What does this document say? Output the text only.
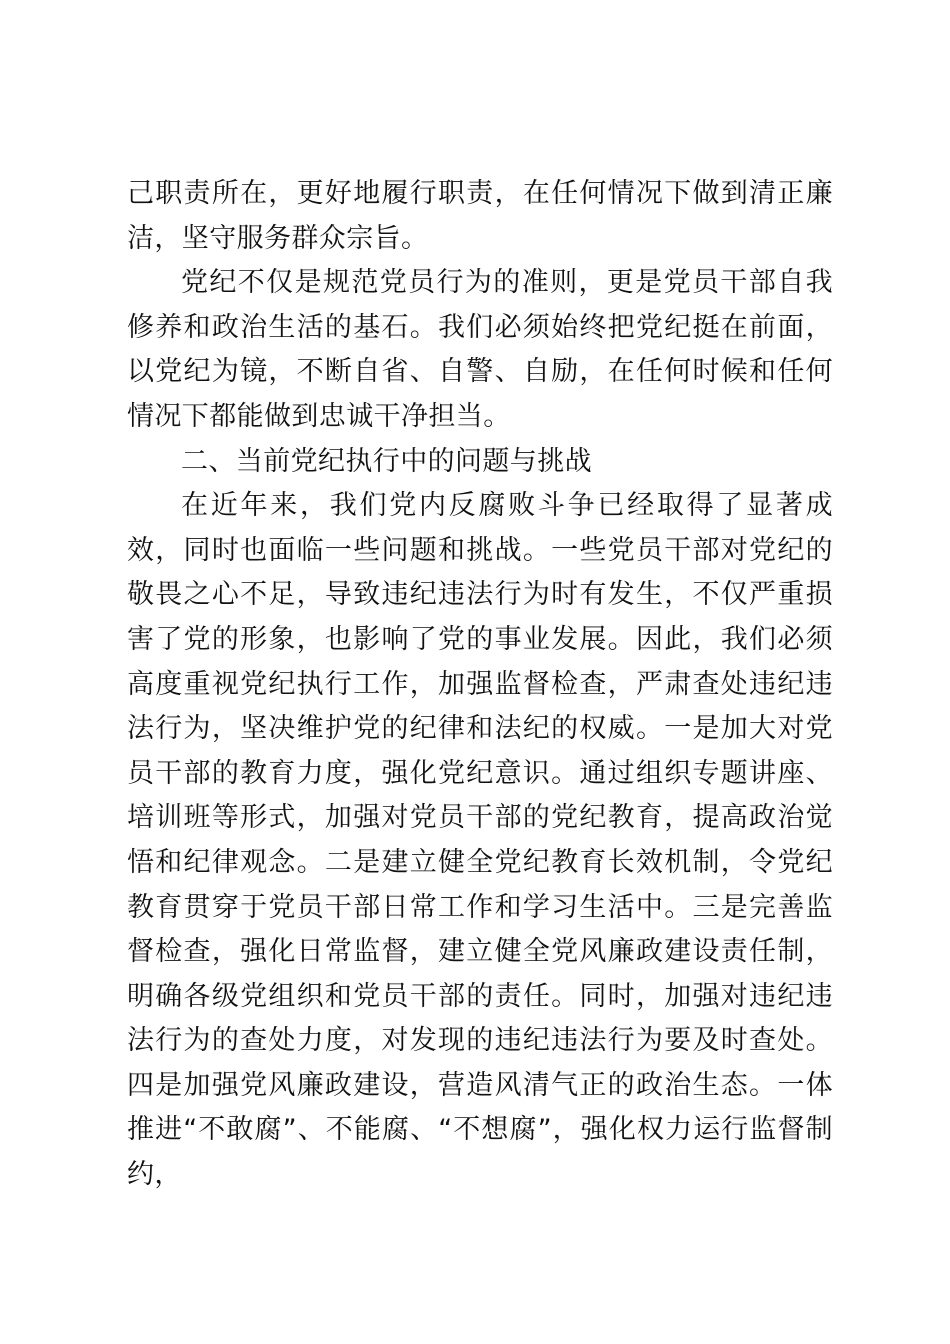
己职责所在，更好地履行职责，在任何情况下做到清正廉洁，坚守服务群众宗旨。

党纪不仅是规范党员行为的准则，更是党员干部自我修养和政治生活的基石。我们必须始终把党纪挺在前面，以党纪为镜，不断自省、自警、自励，在任何时候和任何情况下都能做到忠诚干净担当。

二、当前党纪执行中的问题与挑战

在近年来，我们党内反腐败斗争已经取得了显著成效，同时也面临一些问题和挑战。一些党员干部对党纪的敬畏之心不足，导致违纪违法行为时有发生，不仅严重损害了党的形象，也影响了党的事业发展。因此，我们必须高度重视党纪执行工作，加强监督检查，严肃查处违纪违法行为，坚决维护党的纪律和法纪的权威。一是加大对党员干部的教育力度，强化党纪意识。通过组织专题讲座、培训班等形式，加强对党员干部的党纪教育，提高政治觉悟和纪律观念。二是建立健全党纪教育长效机制，令党纪教育贯穿于党员干部日常工作和学习生活中。三是完善监督检查，强化日常监督，建立健全党风廉政建设责任制，明确各级党组织和党员干部的责任。同时，加强对违纪违法行为的查处力度，对发现的违纪违法行为要及时查处。四是加强党风廉政建设，营造风清气正的政治生态。一体推进“不敢腐”、不能腐、“不想腐”，强化权力运行监督制约，
